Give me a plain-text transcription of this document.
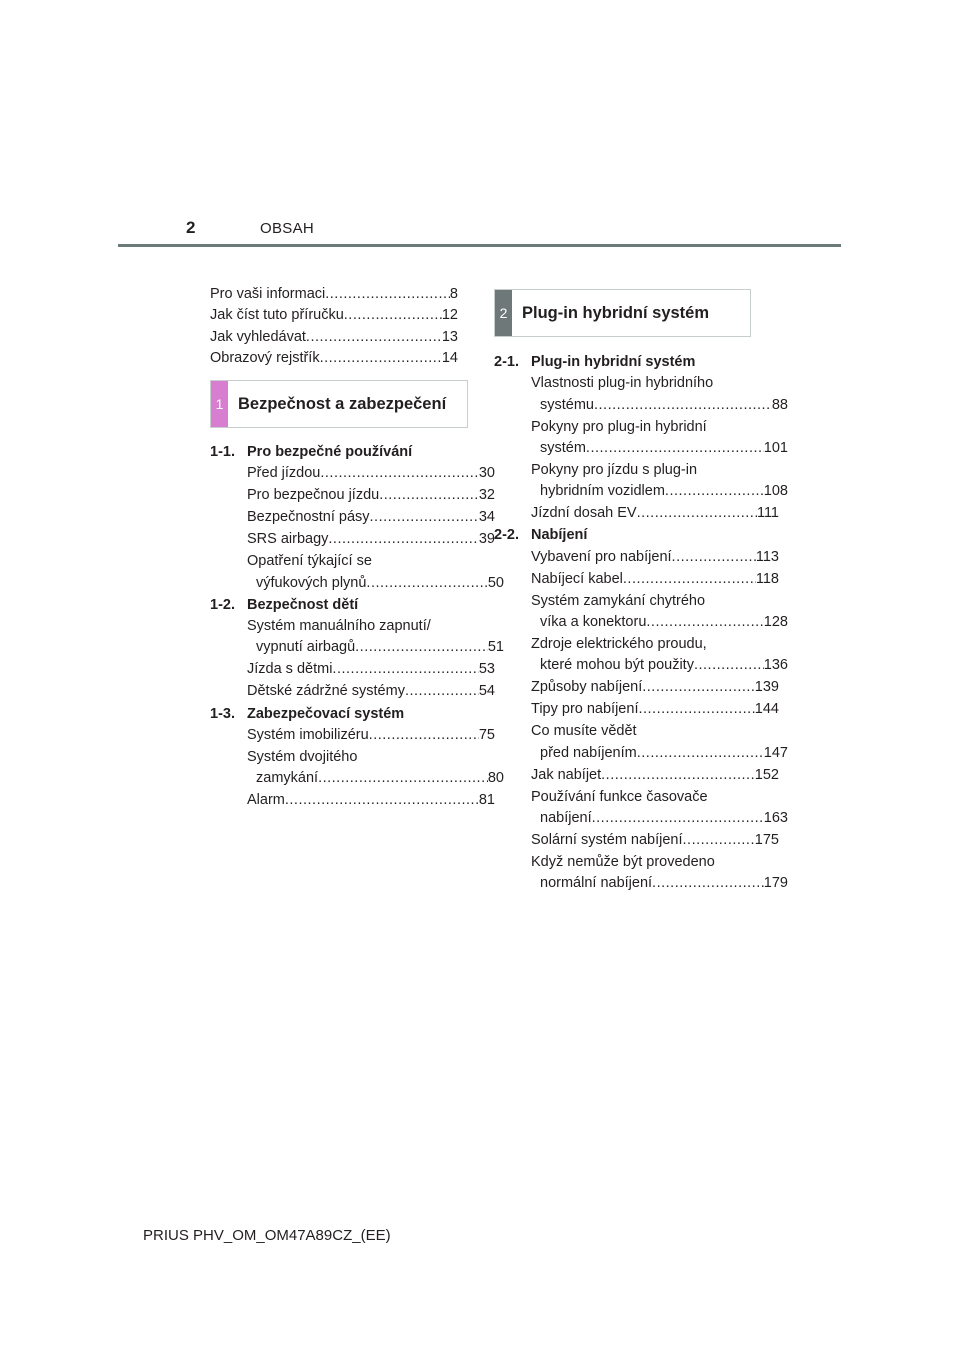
2	OBSAH
Pro vaši informaci .....	8
Jak číst tuto příručku .....	12
Jak vyhledávat .....	13
Obrazový rejstřík .....	14
1 Bezpečnost a zabezpečení
1-1. Pro bezpečné používání
Před jízdou .....	30
Pro bezpečnou jízdu .....	32
Bezpečnostní pásy .....	34
SRS airbagy .....	39
Opatření týkající se
výfukových plynů .....	50
1-2. Bezpečnost dětí
Systém manuálního zapnutí/
vypnutí airbagů .....	51
Jízda s dětmi .....	53
Dětské zádržné systémy .....	54
1-3. Zabezpečovací systém
Systém imobilizéru .....	75
Systém dvojitého
zamykání .....	80
Alarm .....	81
2 Plug-in hybridní systém
2-1. Plug-in hybridní systém
Vlastnosti plug-in hybridního
systému .....	88
Pokyny pro plug-in hybridní
systém .....	101
Pokyny pro jízdu s plug-in
hybridním vozidlem .....	108
Jízdní dosah EV .....	111
2-2. Nabíjení
Vybavení pro nabíjení .....	113
Nabíjecí kabel .....	118
Systém zamykání chytrého
víka a konektoru .....	128
Zdroje elektrického proudu,
které mohou být použity .....	136
Způsoby nabíjení .....	139
Tipy pro nabíjení .....	144
Co musíte vědět
před nabíjením .....	147
Jak nabíjet .....	152
Používání funkce časovače
nabíjení .....	163
Solární systém nabíjení .....	175
Když nemůže být provedeno
normální nabíjení .....	179
PRIUS PHV_OM_OM47A89CZ_(EE)
